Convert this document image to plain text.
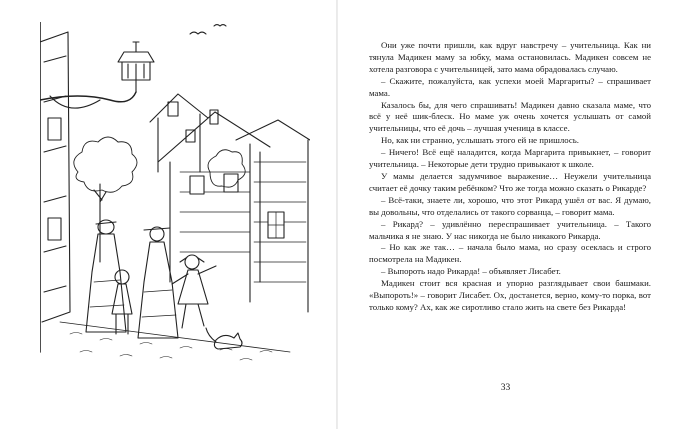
Они уже почти пришли, как вдруг навстречу – учительница. Как ни тянула Мадикен маму за юбку, мама остановилась. Мадикен совсем не хотела разговора с учительницей, зато мама обрадовалась случаю.

– Скажите, пожалуйста, как успехи моей Маргариты? – спрашивает мама.

Казалось бы, для чего спрашивать! Мадикен давно сказала маме, что всё у неё шик-блеск. Но маме уж очень хочется услышать от самой учительницы, что её дочь – лучшая ученица в классе.

Но, как ни странно, услышать этого ей не пришлось.

– Ничего! Всё ещё наладится, когда Маргарита привыкнет, – говорит учительница. – Некоторые дети трудно привыкают к школе.

У мамы делается задумчивое выражение… Неужели учительница считает её дочку таким ребёнком? Что же тогда можно сказать о Рикарде?

– Всё-таки, знаете ли, хорошо, что этот Рикард ушёл от вас. Я думаю, вы довольны, что отделались от такого сорванца, – говорит мама.

– Рикард? – удивлённо переспрашивает учительница. – Такого мальчика я не знаю. У нас никогда не было никакого Рикарда.

– Но как же так… – начала было мама, но сразу осеклась и строго посмотрела на Мадикен.

– Выпороть надо Рикарда! – объявляет Лисабет.

Мадикен стоит вся красная и упорно разглядывает свои башмаки. «Выпороть!» – говорит Лисабет. Ох, достанется, верно, кому-то порка, вот только кому? Ах, как же сиротливо стало жить на свете без Рикарда!

33
